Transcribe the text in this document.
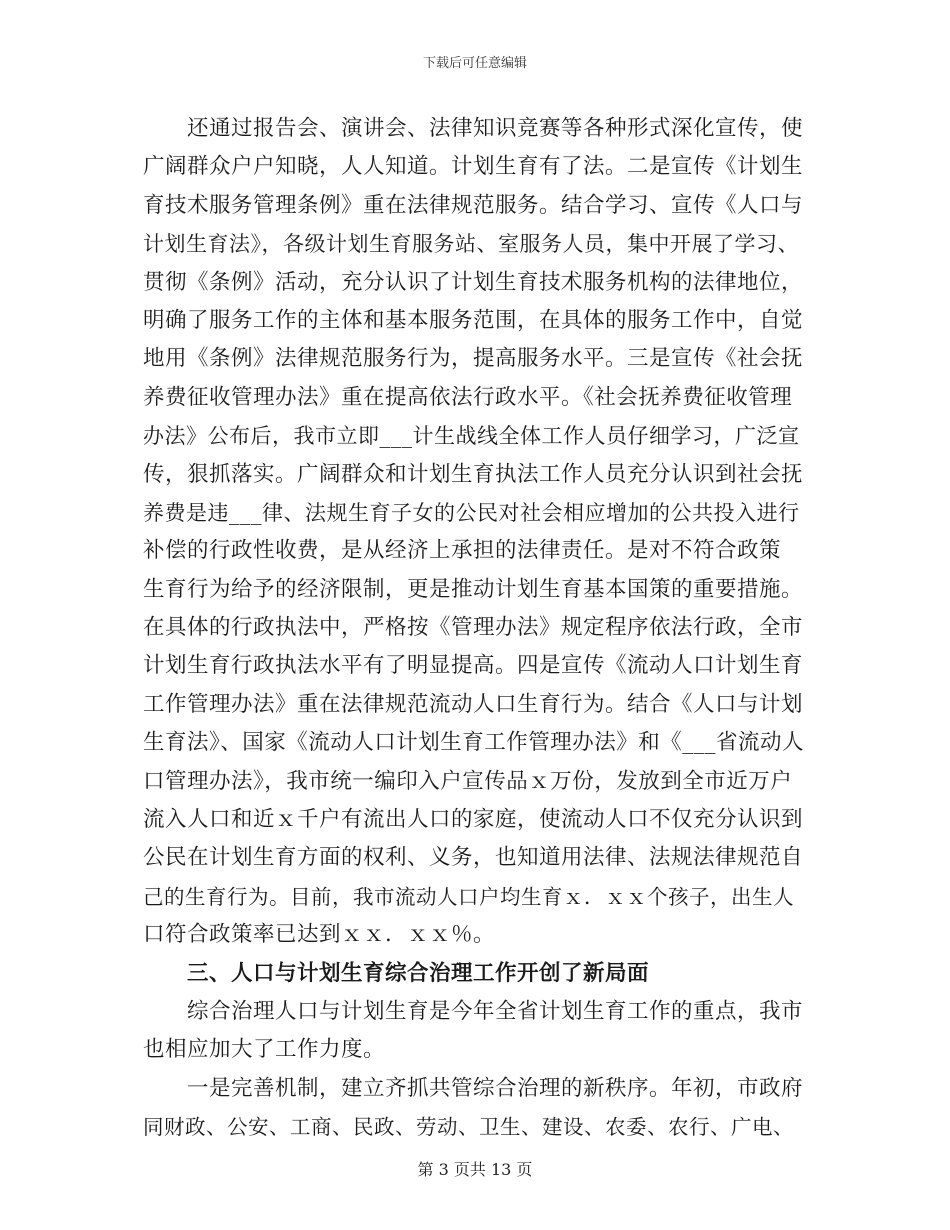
下载后可任意编辑
还通过报告会、演讲会、法律知识竞赛等各种形式深化宣传，使
广阔群众户户知晓，人人知道。计划生育有了法。二是宣传《计划生
育技术服务管理条例》重在法律规范服务。结合学习、宣传《人口与
计划生育法》，各级计划生育服务站、室服务人员，集中开展了学习、
贯彻《条例》活动，充分认识了计划生育技术服务机构的法律地位，
明确了服务工作的主体和基本服务范围，在具体的服务工作中，自觉
地用《条例》法律规范服务行为，提高服务水平。三是宣传《社会抚
养费征收管理办法》重在提高依法行政水平。《社会抚养费征收管理
办法》公布后，我市立即___计生战线全体工作人员仔细学习，广泛宣
传，狠抓落实。广阔群众和计划生育执法工作人员充分认识到社会抚
养费是违___律、法规生育子女的公民对社会相应增加的公共投入进行
补偿的行政性收费，是从经济上承担的法律责任。是对不符合政策
生育行为给予的经济限制，更是推动计划生育基本国策的重要措施。
在具体的行政执法中，严格按《管理办法》规定程序依法行政，全市
计划生育行政执法水平有了明显提高。四是宣传《流动人口计划生育
工作管理办法》重在法律规范流动人口生育行为。结合《人口与计划
生育法》、国家《流动人口计划生育工作管理办法》和《___省流动人
口管理办法》，我市统一编印入户宣传品ｘ万份，发放到全市近万户
流入人口和近ｘ千户有流出人口的家庭，使流动人口不仅充分认识到
公民在计划生育方面的权利、义务，也知道用法律、法规法律规范自
己的生育行为。目前，我市流动人口户均生育ｘ．ｘｘ个孩子，出生人
口符合政策率已达到ｘｘ．ｘｘ％。
三、人口与计划生育综合治理工作开创了新局面
综合治理人口与计划生育是今年全省计划生育工作的重点，我市
也相应加大了工作力度。
一是完善机制，建立齐抓共管综合治理的新秩序。年初，市政府
同财政、公安、工商、民政、劳动、卫生、建设、农委、农行、广电、
第 3 页共 13 页
